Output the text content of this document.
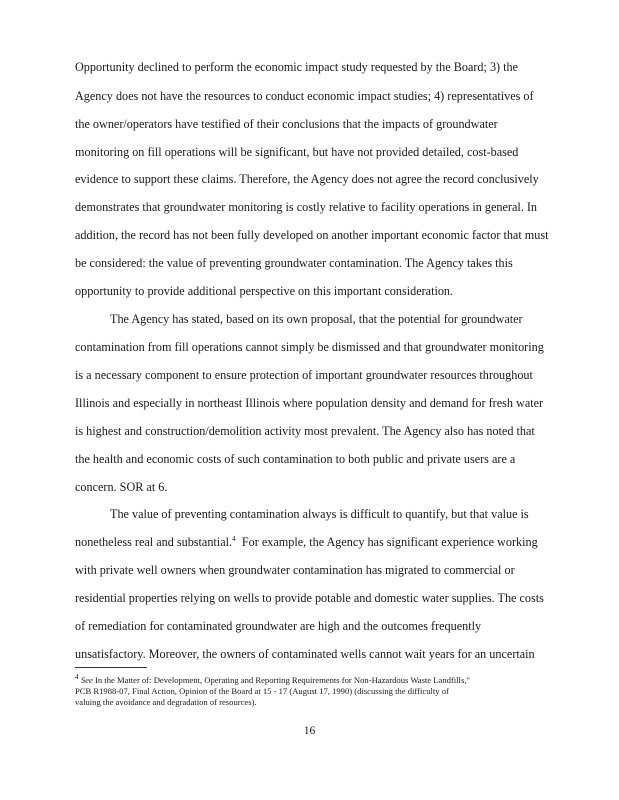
Opportunity declined to perform the economic impact study requested by the Board; 3) the
Agency does not have the resources to conduct economic impact studies; 4) representatives of
the owner/operators have testified of their conclusions that the impacts of groundwater
monitoring on fill operations will be significant, but have not provided detailed, cost-based
evidence to support these claims. Therefore, the Agency does not agree the record conclusively
demonstrates that groundwater monitoring is costly relative to facility operations in general. In
addition, the record has not been fully developed on another important economic factor that must
be considered: the value of preventing groundwater contamination. The Agency takes this
opportunity to provide additional perspective on this important consideration.
The Agency has stated, based on its own proposal, that the potential for groundwater
contamination from fill operations cannot simply be dismissed and that groundwater monitoring
is a necessary component to ensure protection of important groundwater resources throughout
Illinois and especially in northeast Illinois where population density and demand for fresh water
is highest and construction/demolition activity most prevalent. The Agency also has noted that
the health and economic costs of such contamination to both public and private users are a
concern. SOR at 6.
The value of preventing contamination always is difficult to quantify, but that value is
nonetheless real and substantial.$^4$ For example, the Agency has significant experience working
with private well owners when groundwater contamination has migrated to commercial or
residential properties relying on wells to provide potable and domestic water supplies. The costs
of remediation for contaminated groundwater are high and the outcomes frequently
unsatisfactory. Moreover, the owners of contaminated wells cannot wait years for an uncertain
$^4$ See In the Matter of: Development, Operating and Reporting Requirements for Non-Hazardous Waste Landfills,"
PCB R1988-07, Final Action, Opinion of the Board at 15 - 17 (August 17, 1990) (discussing the difficulty of
valuing the avoidance and degradation of resources).
16
